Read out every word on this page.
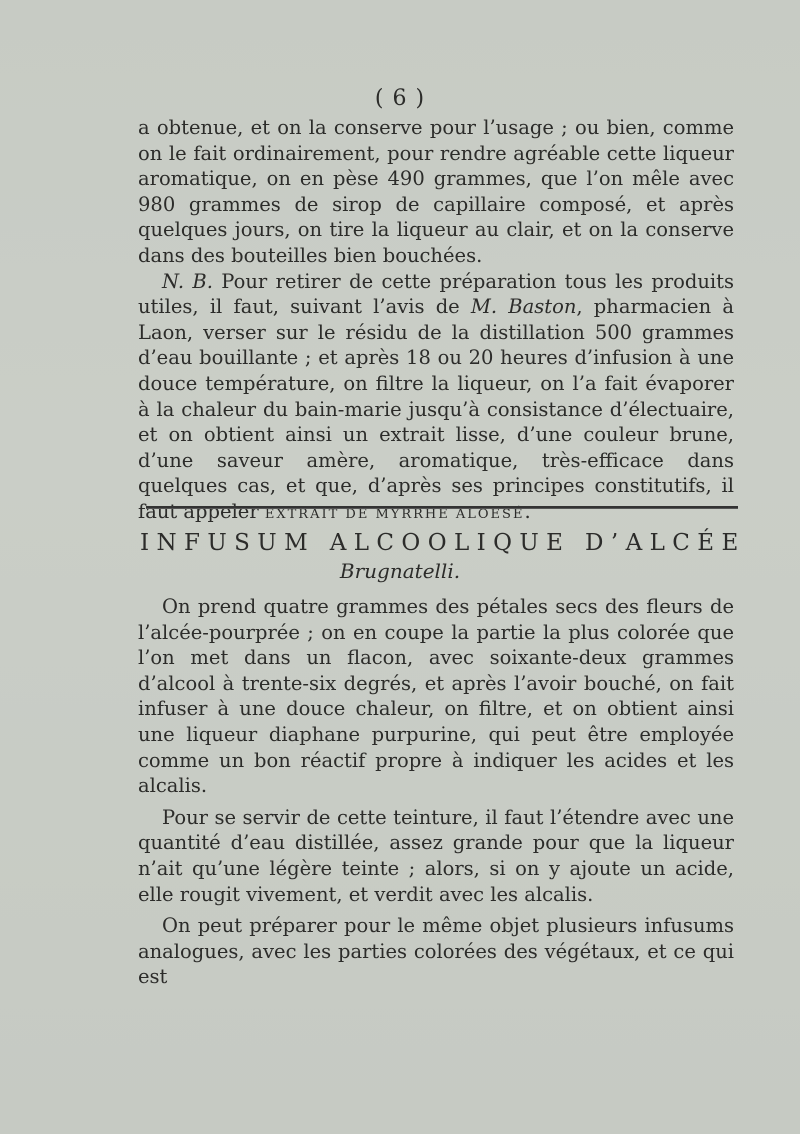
( 6 )

a obtenue, et on la conserve pour l’usage ; ou bien, comme on le fait ordinairement, pour rendre agréable cette liqueur aromatique, on en pèse 490 grammes, que l’on mêle avec 980 grammes de sirop de capillaire composé, et après quelques jours, on tire la liqueur au clair, et on la conserve dans des bouteilles bien bouchées.

N. B. Pour retirer de cette préparation tous les produits utiles, il faut, suivant l’avis de M. Baston, pharmacien à Laon, verser sur le résidu de la distillation 500 grammes d’eau bouillante ; et après 18 ou 20 heures d’infusion à une douce température, on filtre la liqueur, on l’a fait évaporer à la chaleur du bain-marie jusqu’à consistance d’électuaire, et on obtient ainsi un extrait lisse, d’une couleur brune, d’une saveur amère, aromatique, très-efficace dans quelques cas, et que, d’après ses principes constitutifs, il faut appeler EXTRAIT DE MYRRHE ALOESÉ.

INFUSUM ALCOOLIQUE D’ALCÉE
Brugnatelli.

On prend quatre grammes des pétales secs des fleurs de l’alcée-pourprée ; on en coupe la partie la plus colorée que l’on met dans un flacon, avec soixante-deux grammes d’alcool à trente-six degrés, et après l’avoir bouché, on fait infuser à une douce chaleur, on filtre, et on obtient ainsi une liqueur diaphane purpurine, qui peut être employée comme un bon réactif propre à indiquer les acides et les alcalis.

Pour se servir de cette teinture, il faut l’étendre avec une quantité d’eau distillée, assez grande pour que la liqueur n’ait qu’une légère teinte ; alors, si on y ajoute un acide, elle rougit vivement, et verdit avec les alcalis.

On peut préparer pour le même objet plusieurs infusums analogues, avec les parties colorées des végétaux, et ce qui est
